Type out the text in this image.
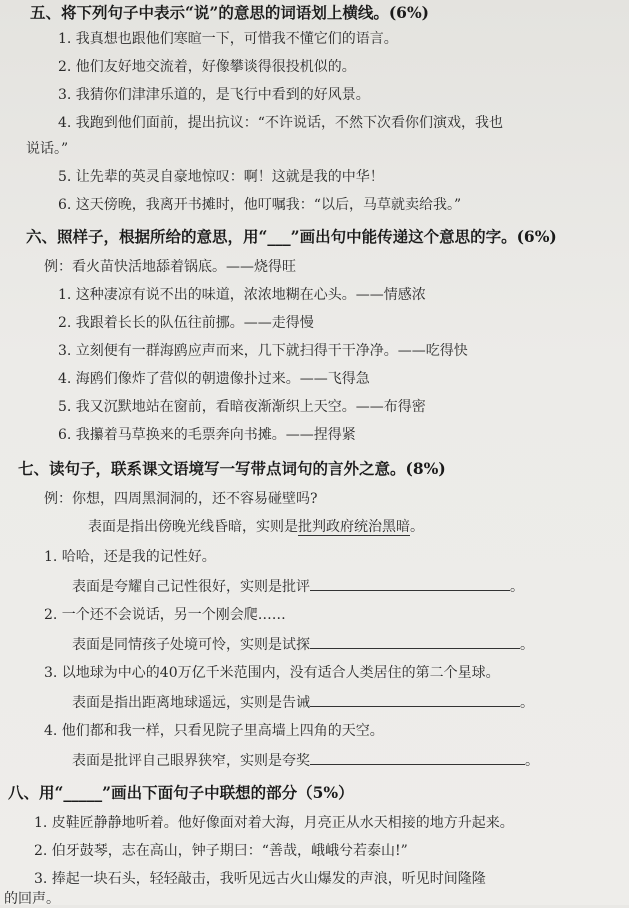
五、将下列句子中表示“说”的意思的词语划上横线。(6%)
1. 我真想也跟他们寒暄一下，可惜我不懂它们的语言。
2. 他们友好地交流着，好像攀谈得很投机似的。
3. 我猜你们津津乐道的，是飞行中看到的好风景。
4. 我跑到他们面前，提出抗议：“不许说话，不然下次看你们演戏，我也
说话。”
5. 让先辈的英灵自豪地惊叹：啊！这就是我的中华！
6. 这天傍晚，我离开书摊时，他叮嘱我：“以后，马草就卖给我。”
六、照样子，根据所给的意思，用“___”画出句中能传递这个意思的字。(6%)
例：看火苗快活地舔着锅底。——烧得旺
1. 这种凄凉有说不出的味道，浓浓地糊在心头。——情感浓
2. 我跟着长长的队伍往前挪。——走得慢
3. 立刻便有一群海鸥应声而来，几下就扫得干干净净。——吃得快
4. 海鸥们像炸了营似的朝遗像扑过来。——飞得急
5. 我又沉默地站在窗前，看暗夜渐渐织上天空。——布得密
6. 我攥着马草换来的毛票奔向书摊。——捏得紧
七、读句子，联系课文语境写一写带点词句的言外之意。(8%)
例：你想，四周黑洞洞的，还不容易碰壁吗?
表面是指出傍晚光线昏暗，实则是批判政府统治黑暗。
1. 哈哈，还是我的记性好。
表面是夸耀自己记性很好，实则是批评	。
2. 一个还不会说话，另一个刚会爬……
表面是同情孩子处境可怜，实则是试探	。
3. 以地球为中心的40万亿千米范围内，没有适合人类居住的第二个星球。
表面是指出距离地球遥远，实则是告诫	。
4. 他们都和我一样，只看见院子里高墙上四角的天空。
表面是批评自己眼界狭窄，实则是夸奖	。
八、用“_____”画出下面句子中联想的部分（5%）
1. 皮鞋匠静静地听着。他好像面对着大海，月亮正从水天相接的地方升起来。
2. 伯牙鼓琴，志在高山，钟子期曰：“善哉，峨峨兮若泰山!”
3. 捧起一块石头，轻轻敲击，我听见远古火山爆发的声浪，听见时间隆隆
的回声。
